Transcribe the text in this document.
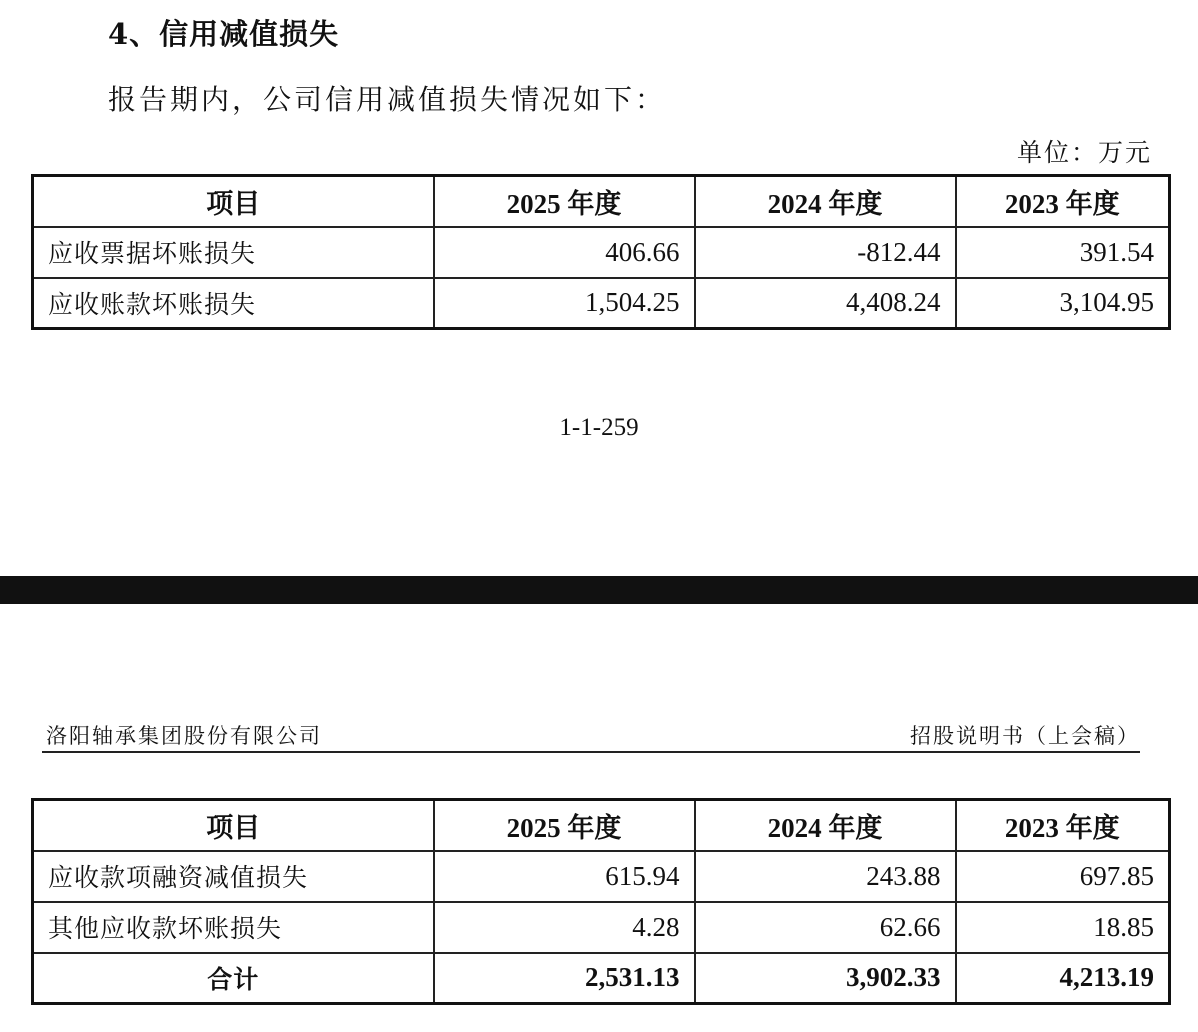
4、信用减值损失
报告期内，公司信用减值损失情况如下：
单位：万元
项目	2025 年度	2024 年度	2023 年度
应收票据坏账损失	406.66	-812.44	391.54
应收账款坏账损失	1,504.25	4,408.24	3,104.95
1-1-259
洛阳轴承集团股份有限公司	招股说明书（上会稿）
项目	2025 年度	2024 年度	2023 年度
应收款项融资减值损失	615.94	243.88	697.85
其他应收款坏账损失	4.28	62.66	18.85
合计	2,531.13	3,902.33	4,213.19
